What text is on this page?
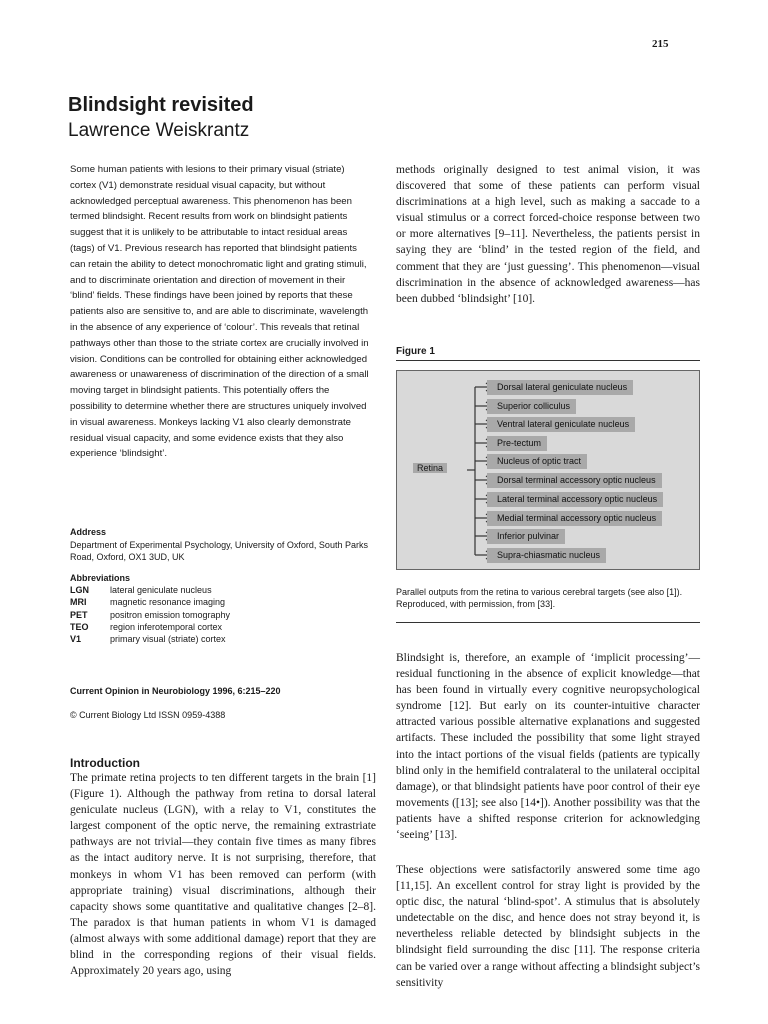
215
Blindsight revisited
Lawrence Weiskrantz

Some human patients with lesions to their primary visual (striate) cortex (V1) demonstrate residual visual capacity, but without acknowledged perceptual awareness. This phenomenon has been termed blindsight. Recent results from work on blindsight patients suggest that it is unlikely to be attributable to intact residual areas (tags) of V1. Previous research has reported that blindsight patients can retain the ability to detect monochromatic light and grating stimuli, and to discriminate orientation and direction of movement in their ‘blind’ fields. These findings have been joined by reports that these patients also are sensitive to, and are able to discriminate, wavelength in the absence of any experience of ‘colour’. This reveals that retinal pathways other than those to the striate cortex are crucially involved in vision. Conditions can be controlled for obtaining either acknowledged awareness or unawareness of discrimination of the direction of a small moving target in blindsight patients. This potentially offers the possibility to determine whether there are structures uniquely involved in visual awareness. Monkeys lacking V1 also clearly demonstrate residual visual capacity, and some evidence exists that they also experience ‘blindsight’.

Address
Department of Experimental Psychology, University of Oxford, South Parks Road, Oxford, OX1 3UD, UK
Abbreviations
LGN	lateral geniculate nucleus
MRI	magnetic resonance imaging
PET	positron emission tomography
TEO	region inferotemporal cortex
V1	primary visual (striate) cortex
Current Opinion in Neurobiology 1996, 6:215–220
© Current Biology Ltd ISSN 0959-4388
Introduction

The primate retina projects to ten different targets in the brain [1] (Figure 1). Although the pathway from retina to dorsal lateral geniculate nucleus (LGN), with a relay to V1, constitutes the largest component of the optic nerve, the remaining extrastriate pathways are not trivial—they contain five times as many fibres as the intact auditory nerve. It is not surprising, therefore, that monkeys in whom V1 has been removed can perform (with appropriate training) visual discriminations, although their capacity shows some quantitative and qualitative changes [2–8]. The paradox is that human patients in whom V1 is damaged (almost always with some additional damage) report that they are blind in the corresponding regions of their visual fields. Approximately 20 years ago, using

methods originally designed to test animal vision, it was discovered that some of these patients can perform visual discriminations at a high level, such as making a saccade to a visual stimulus or a correct forced-choice response between two or more alternatives [9–11]. Nevertheless, the patients persist in saying they are ‘blind’ in the tested region of the field, and comment that they are ‘just guessing’. This phenomenon—visual discrimination in the absence of acknowledged awareness—has been dubbed ‘blindsight’ [10].

Figure 1
Retina
Dorsal lateral geniculate nucleus
Superior colliculus
Ventral lateral geniculate nucleus
Pre-tectum
Nucleus of optic tract
Dorsal terminal accessory optic nucleus
Lateral terminal accessory optic nucleus
Medial terminal accessory optic nucleus
Inferior pulvinar
Supra-chiasmatic nucleus

Parallel outputs from the retina to various cerebral targets (see also [1]). Reproduced, with permission, from [33].

Blindsight is, therefore, an example of ‘implicit processing’—residual functioning in the absence of explicit knowledge—that has been found in virtually every cognitive neuropsychological syndrome [12]. But early on its counter-intuitive character attracted various possible alternative explanations and suggested artifacts. These included the possibility that some light strayed into the intact portions of the visual fields (patients are typically blind only in the hemifield contralateral to the unilateral occipital damage), or that blindsight patients have poor control of their eye movements ([13]; see also [14•]). Another possibility was that the patients have a shifted response criterion for acknowledging ‘seeing’ [13].

These objections were satisfactorily answered some time ago [11,15]. An excellent control for stray light is provided by the optic disc, the natural ‘blind-spot’. A stimulus that is absolutely undetectable on the disc, and hence does not stray beyond it, is nevertheless reliable detected by blindsight subjects in the blindsight field surrounding the disc [11]. The response criteria can be varied over a range without affecting a blindsight subject’s sensitivity
